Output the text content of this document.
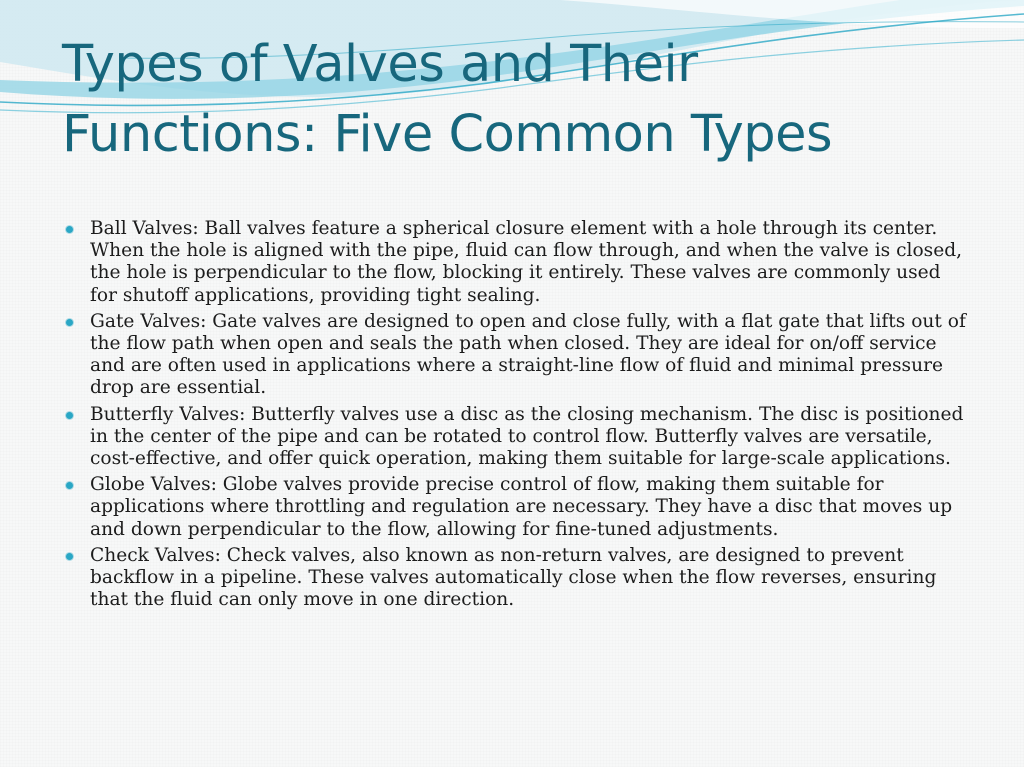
Types of Valves and Their
Functions: Five Common Types
Ball Valves: Ball valves feature a spherical closure element with a hole through its center. When the hole is aligned with the pipe, fluid can flow through, and when the valve is closed, the hole is perpendicular to the flow, blocking it entirely. These valves are commonly used for shutoff applications, providing tight sealing.
Gate Valves: Gate valves are designed to open and close fully, with a flat gate that lifts out of the flow path when open and seals the path when closed. They are ideal for on/off service and are often used in applications where a straight-line flow of fluid and minimal pressure drop are essential.
Butterfly Valves: Butterfly valves use a disc as the closing mechanism. The disc is positioned in the center of the pipe and can be rotated to control flow. Butterfly valves are versatile, cost-effective, and offer quick operation, making them suitable for large-scale applications.
Globe Valves: Globe valves provide precise control of flow, making them suitable for applications where throttling and regulation are necessary. They have a disc that moves up and down perpendicular to the flow, allowing for fine-tuned adjustments.
Check Valves: Check valves, also known as non-return valves, are designed to prevent backflow in a pipeline. These valves automatically close when the flow reverses, ensuring that the fluid can only move in one direction.
